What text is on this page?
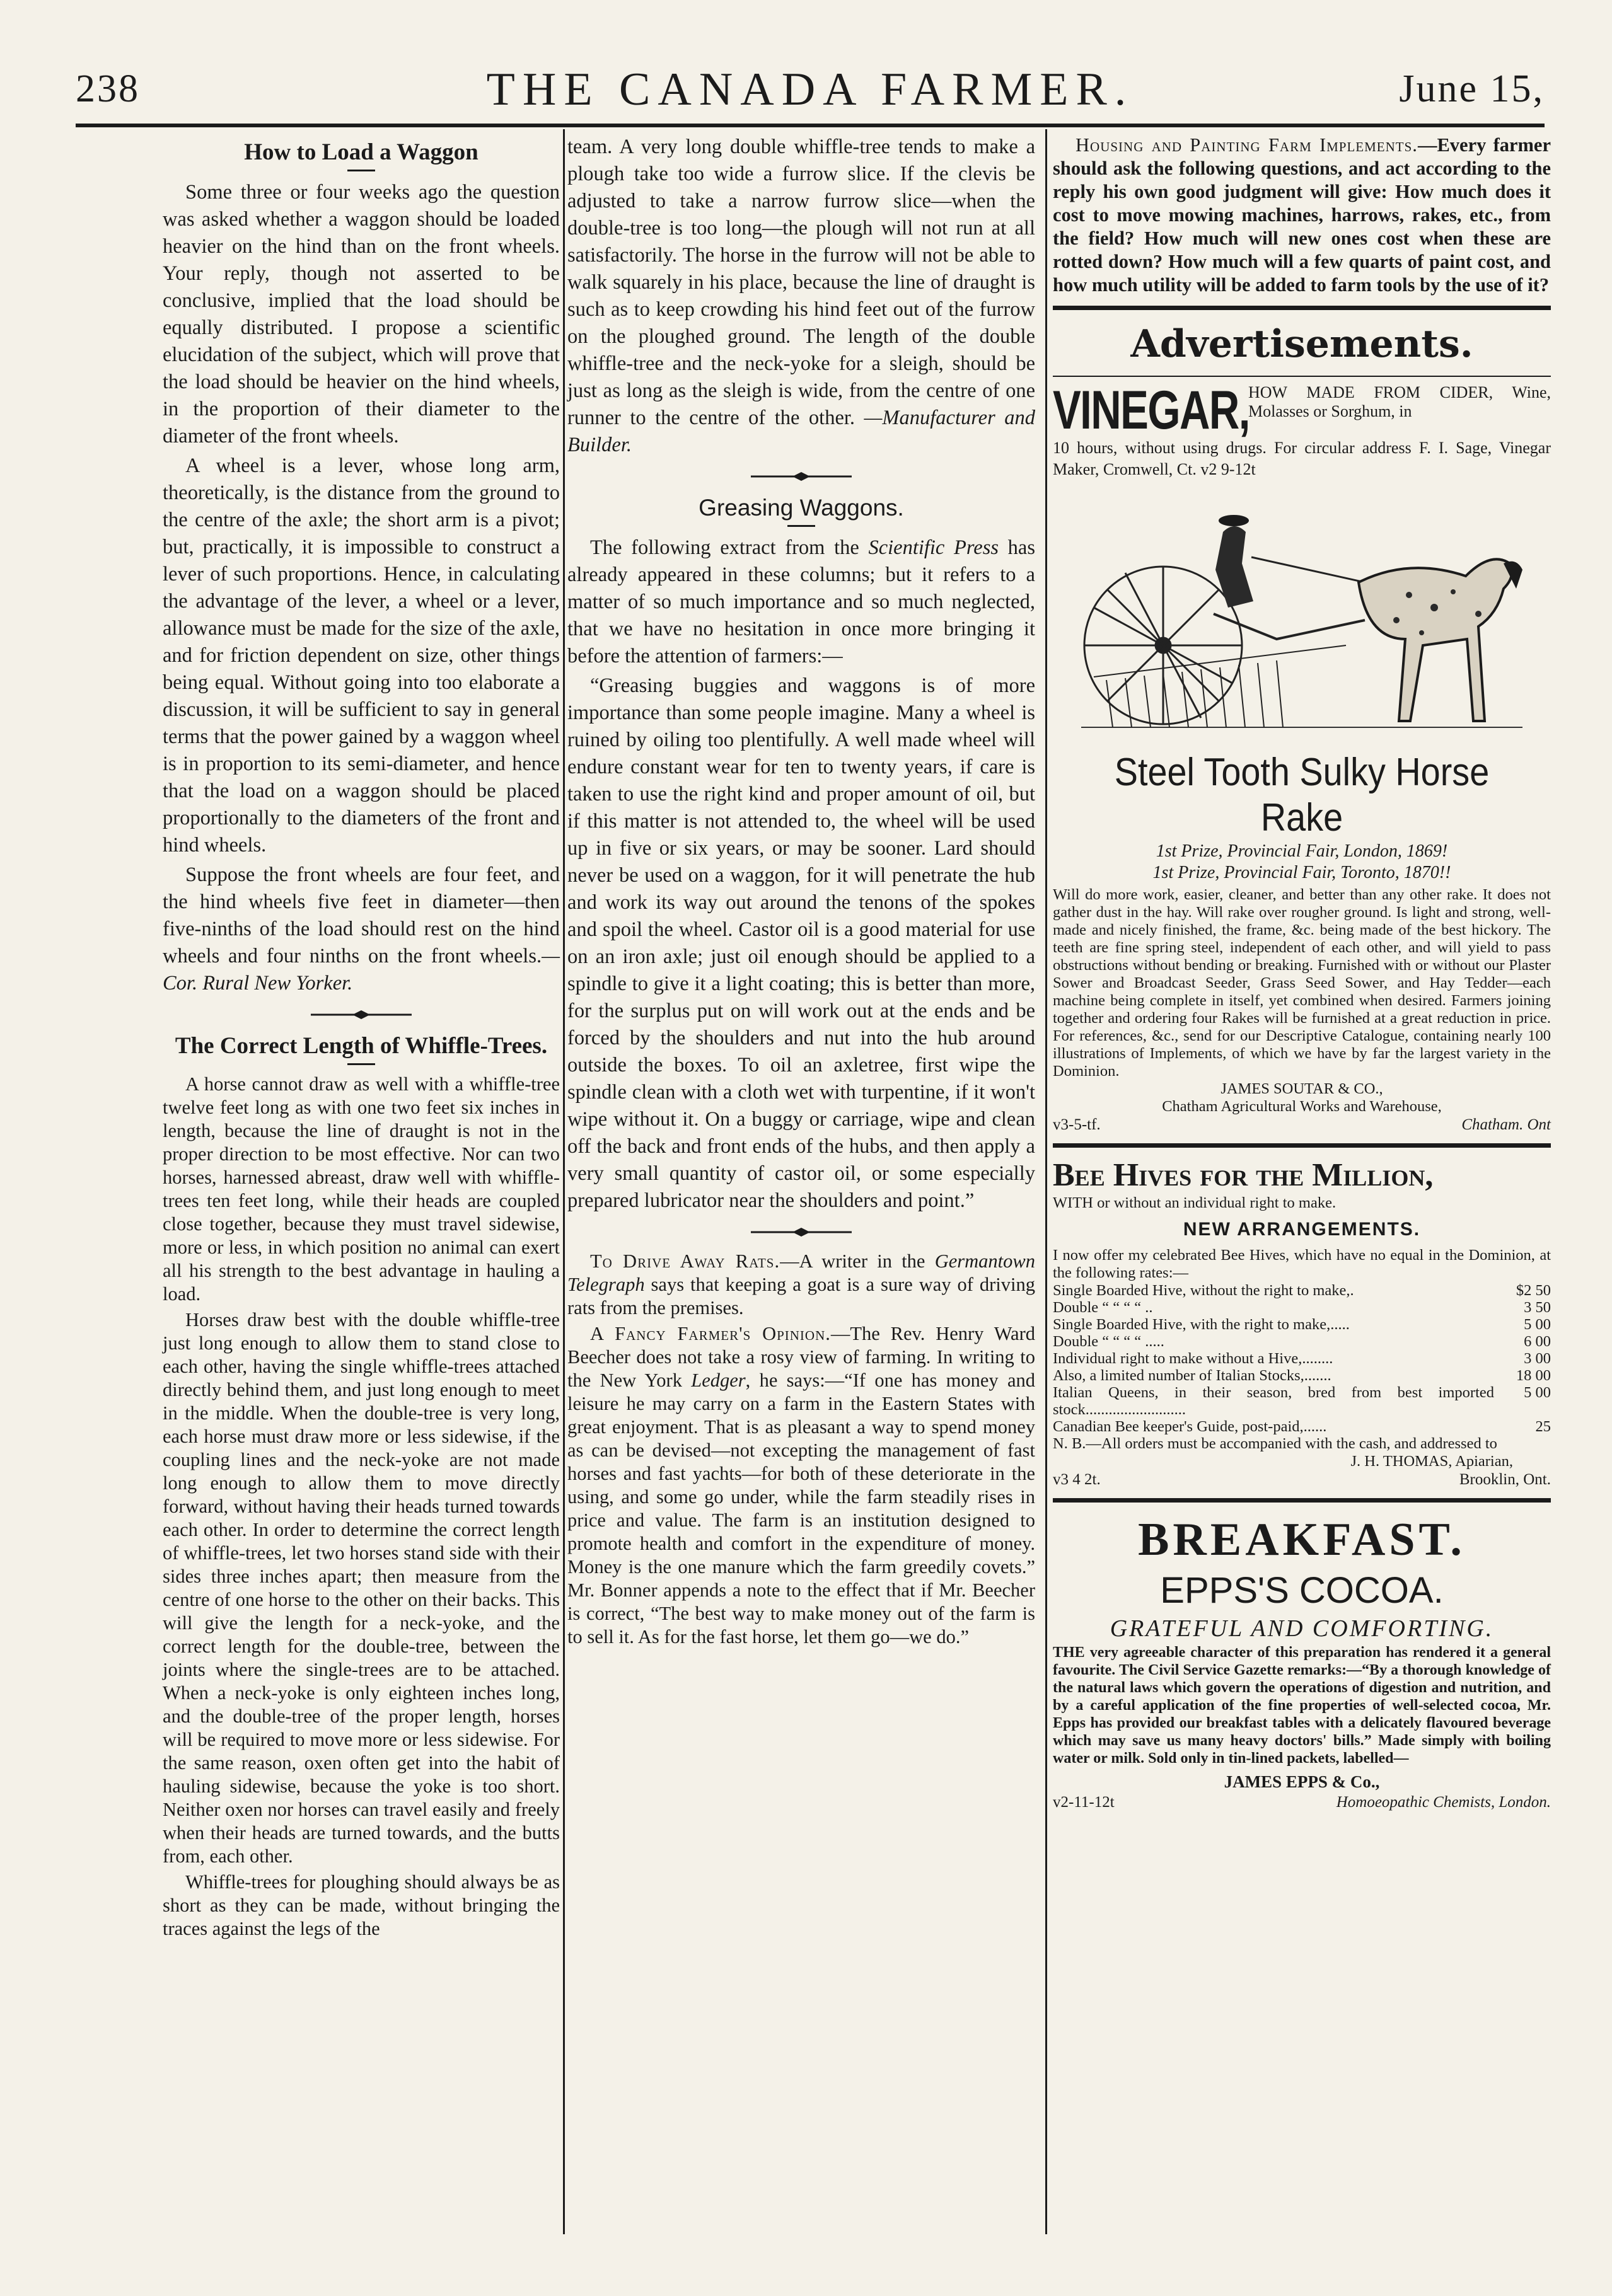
238	THE CANADA FARMER.	June 15,
How to Load a Waggon

Some three or four weeks ago the question was asked whether a waggon should be loaded heavier on the hind than on the front wheels. Your reply, though not asserted to be conclusive, implied that the load should be equally distributed. I propose a scientific elucidation of the subject, which will prove that the load should be heavier on the hind wheels, in the proportion of their diameter to the diameter of the front wheels.

A wheel is a lever, whose long arm, theoretically, is the distance from the ground to the centre of the axle; the short arm is a pivot; but, practically, it is impossible to construct a lever of such proportions. Hence, in calculating the advantage of the lever, a wheel or a lever, allowance must be made for the size of the axle, and for friction dependent on size, other things being equal. Without going into too elaborate a discussion, it will be sufficient to say in general terms that the power gained by a waggon wheel is in proportion to its semi-diameter, and hence that the load on a waggon should be placed proportionally to the diameters of the front and hind wheels.

Suppose the front wheels are four feet, and the hind wheels five feet in diameter—then five-ninths of the load should rest on the hind wheels and four ninths on the front wheels.—Cor. Rural New Yorker.

The Correct Length of Whiffle-Trees.

A horse cannot draw as well with a whiffle-tree twelve feet long as with one two feet six inches in length, because the line of draught is not in the proper direction to be most effective. Nor can two horses, harnessed abreast, draw well with whiffle-trees ten feet long, while their heads are coupled close together, because they must travel sidewise, more or less, in which position no animal can exert all his strength to the best advantage in hauling a load.

Horses draw best with the double whiffle-tree just long enough to allow them to stand close to each other, having the single whiffle-trees attached directly behind them, and just long enough to meet in the middle. When the double-tree is very long, each horse must draw more or less sidewise, if the coupling lines and the neck-yoke are not made long enough to allow them to move directly forward, without having their heads turned towards each other. In order to determine the correct length of whiffle-trees, let two horses stand side with their sides three inches apart; then measure from the centre of one horse to the other on their backs. This will give the length for a neck-yoke, and the correct length for the double-tree, between the joints where the single-trees are to be attached. When a neck-yoke is only eighteen inches long, and the double-tree of the proper length, horses will be required to move more or less sidewise. For the same reason, oxen often get into the habit of hauling sidewise, because the yoke is too short. Neither oxen nor horses can travel easily and freely when their heads are turned towards, and the butts from, each other.

Whiffle-trees for ploughing should always be as short as they can be made, without bringing the traces against the legs of the

team. A very long double whiffle-tree tends to make a plough take too wide a furrow slice. If the clevis be adjusted to take a narrow furrow slice—when the double-tree is too long—the plough will not run at all satisfactorily. The horse in the furrow will not be able to walk squarely in his place, because the line of draught is such as to keep crowding his hind feet out of the furrow on the ploughed ground. The length of the double whiffle-tree and the neck-yoke for a sleigh, should be just as long as the sleigh is wide, from the centre of one runner to the centre of the other. —Manufacturer and Builder.

Greasing Waggons.

The following extract from the Scientific Press has already appeared in these columns; but it refers to a matter of so much importance and so much neglected, that we have no hesitation in once more bringing it before the attention of farmers:—

“Greasing buggies and waggons is of more importance than some people imagine. Many a wheel is ruined by oiling too plentifully. A well made wheel will endure constant wear for ten to twenty years, if care is taken to use the right kind and proper amount of oil, but if this matter is not attended to, the wheel will be used up in five or six years, or may be sooner. Lard should never be used on a waggon, for it will penetrate the hub and work its way out around the tenons of the spokes and spoil the wheel. Castor oil is a good material for use on an iron axle; just oil enough should be applied to a spindle to give it a light coating; this is better than more, for the surplus put on will work out at the ends and be forced by the shoulders and nut into the hub around outside the boxes. To oil an axletree, first wipe the spindle clean with a cloth wet with turpentine, if it won't wipe without it. On a buggy or carriage, wipe and clean off the back and front ends of the hubs, and then apply a very small quantity of castor oil, or some especially prepared lubricator near the shoulders and point.”

To Drive Away Rats.—A writer in the Germantown Telegraph says that keeping a goat is a sure way of driving rats from the premises.

A Fancy Farmer's Opinion.—The Rev. Henry Ward Beecher does not take a rosy view of farming. In writing to the New York Ledger, he says:—“If one has money and leisure he may carry on a farm in the Eastern States with great enjoyment. That is as pleasant a way to spend money as can be devised—not excepting the management of fast horses and fast yachts—for both of these deteriorate in the using, and some go under, while the farm steadily rises in price and value. The farm is an institution designed to promote health and comfort in the expenditure of money. Money is the one manure which the farm greedily covets.” Mr. Bonner appends a note to the effect that if Mr. Beecher is correct, “The best way to make money out of the farm is to sell it. As for the fast horse, let them go—we do.”

Housing and Painting Farm Implements.—Every farmer should ask the following questions, and act according to the reply his own good judgment will give: How much does it cost to move mowing machines, harrows, rakes, etc., from the field? How much will new ones cost when these are rotted down? How much will a few quarts of paint cost, and how much utility will be added to farm tools by the use of it?

Advertisements.
VINEGAR,
HOW MADE FROM CIDER, Wine, Molasses or Sorghum, in
10 hours, without using drugs. For circular address F. I. Sage, Vinegar Maker, Cromwell, Ct. v2 9-12t
Steel Tooth Sulky Horse Rake
1st Prize, Provincial Fair, London, 1869!
1st Prize, Provincial Fair, Toronto, 1870!!
Will do more work, easier, cleaner, and better than any other rake. It does not gather dust in the hay. Will rake over rougher ground. Is light and strong, well-made and nicely finished, the frame, &c. being made of the best hickory. The teeth are fine spring steel, independent of each other, and will yield to pass obstructions without bending or breaking. Furnished with or without our Plaster Sower and Broadcast Seeder, Grass Seed Sower, and Hay Tedder—each machine being complete in itself, yet combined when desired. Farmers joining together and ordering four Rakes will be furnished at a great reduction in price. For references, &c., send for our Descriptive Catalogue, containing nearly 100 illustrations of Implements, of which we have by far the largest variety in the Dominion.
JAMES SOUTAR & CO.,
Chatham Agricultural Works and Warehouse,
v3-5-tf.	Chatham. Ont
Bee Hives for the Million,
WITH or without an individual right to make.
NEW ARRANGEMENTS.
I now offer my celebrated Bee Hives, which have no equal in the Dominion, at the following rates:—
Single Boarded Hive, without the right to make,.	$2 50
Double “ “ “ “ ..	3 50
Single Boarded Hive, with the right to make,.....	5 00
Double “ “ “ “ .....	6 00
Individual right to make without a Hive,........	3 00
Also, a limited number of Italian Stocks,.......	18 00
Italian Queens, in their season, bred from best imported stock..........................	5 00
Canadian Bee keeper's Guide, post-paid,......	25
N. B.—All orders must be accompanied with the cash, and addressed to
J. H. THOMAS, Apiarian,
v3 4 2t.	Brooklin, Ont.
BREAKFAST.
EPPS'S COCOA.
GRATEFUL AND COMFORTING.
THE very agreeable character of this preparation has rendered it a general favourite. The Civil Service Gazette remarks:—“By a thorough knowledge of the natural laws which govern the operations of digestion and nutrition, and by a careful application of the fine properties of well-selected cocoa, Mr. Epps has provided our breakfast tables with a delicately flavoured beverage which may save us many heavy doctors' bills.” Made simply with boiling water or milk. Sold only in tin-lined packets, labelled—
JAMES EPPS & Co.,
v2-11-12t	Homoeopathic Chemists, London.
